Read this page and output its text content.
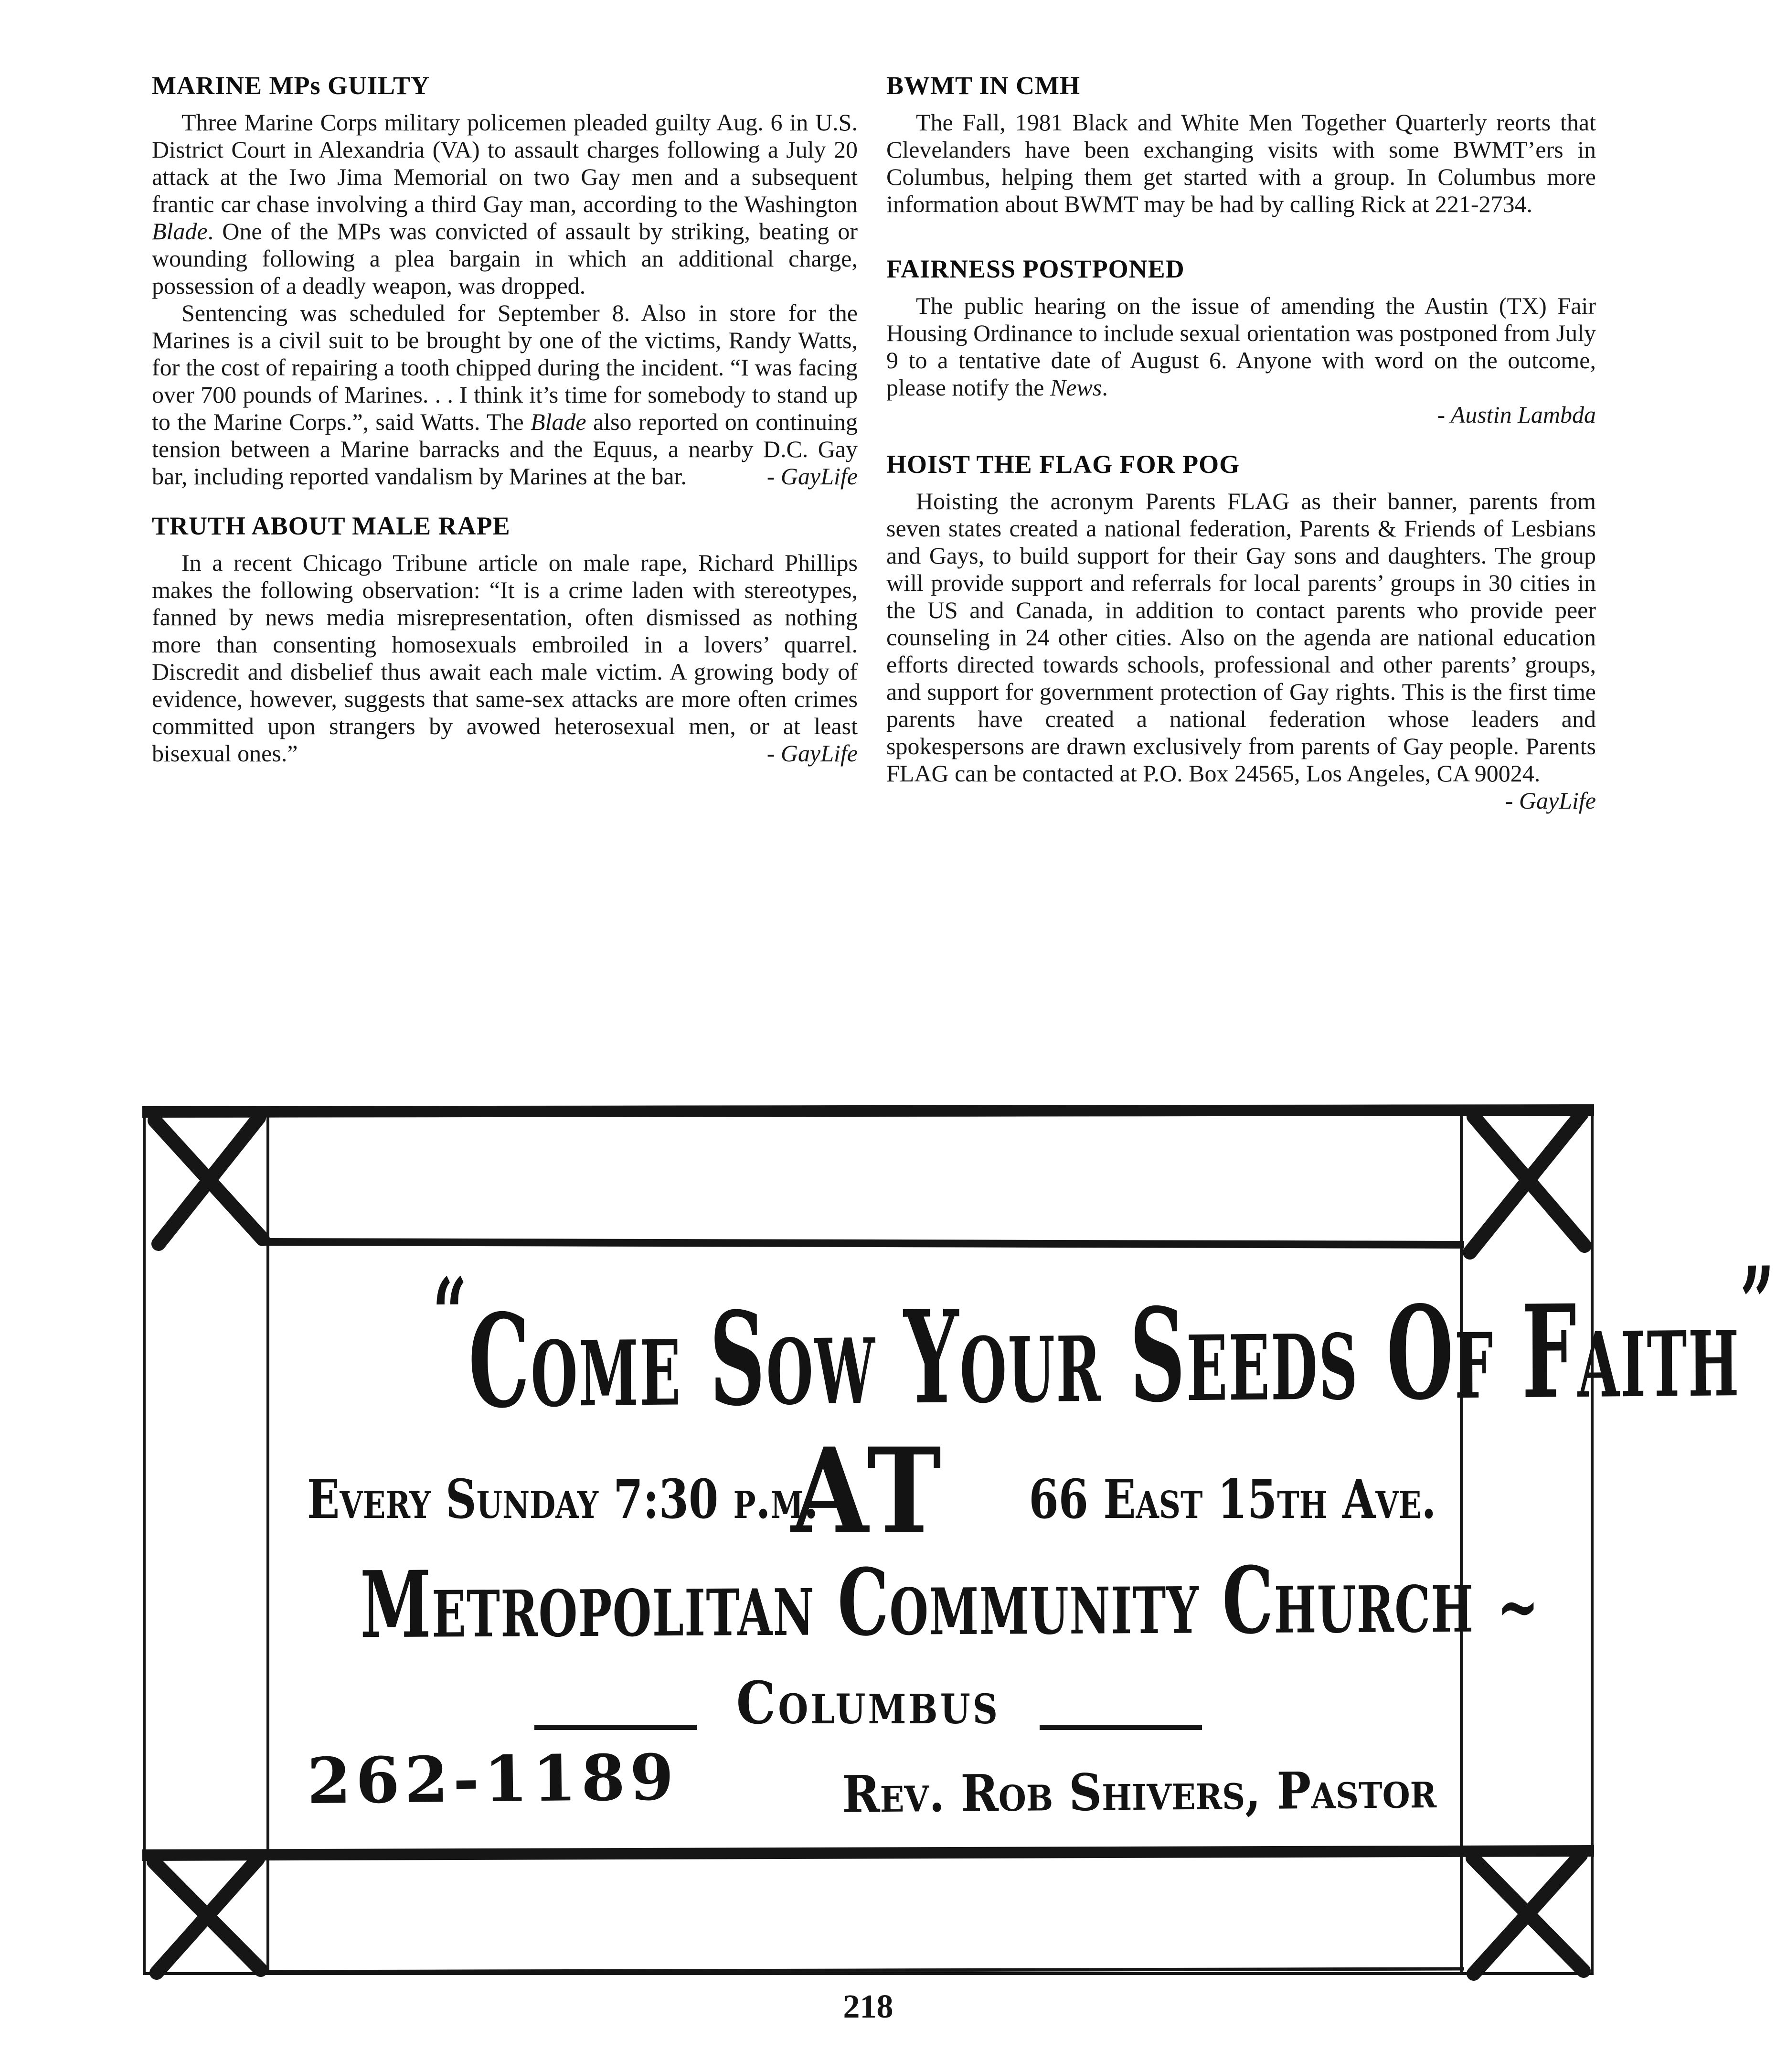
MARINE MPs GUILTY

Three Marine Corps military policemen pleaded guilty Aug. 6 in U.S. District Court in Alexandria (VA) to assault charges following a July 20 attack at the Iwo Jima Memorial on two Gay men and a subsequent frantic car chase involving a third Gay man, according to the Washington Blade. One of the MPs was convicted of assault by striking, beating or wounding following a plea bargain in which an additional charge, possession of a deadly weapon, was dropped.

Sentencing was scheduled for September 8. Also in store for the Marines is a civil suit to be brought by one of the victims, Randy Watts, for the cost of repairing a tooth chipped during the incident. “I was facing over 700 pounds of Marines. . . I think it’s time for somebody to stand up to the Marine Corps.”, said Watts. The Blade also reported on continuing tension between a Marine barracks and the Equus, a nearby D.C. Gay bar, including reported vandalism by Marines at the bar.	- GayLife

TRUTH ABOUT MALE RAPE

In a recent Chicago Tribune article on male rape, Richard Phillips makes the following observation: “It is a crime laden with stereotypes, fanned by news media misrepresentation, often dismissed as nothing more than consenting homosexuals embroiled in a lovers’ quarrel. Discredit and disbelief thus await each male victim. A growing body of evidence, however, suggests that same-sex attacks are more often crimes committed upon strangers by avowed heterosexual men, or at least bisexual ones.”	- GayLife

BWMT IN CMH

The Fall, 1981 Black and White Men Together Quarterly reorts that Clevelanders have been exchanging visits with some BWMT’ers in Columbus, helping them get started with a group. In Columbus more information about BWMT may be had by calling Rick at 221-2734.

FAIRNESS POSTPONED

The public hearing on the issue of amending the Austin (TX) Fair Housing Ordinance to include sexual orientation was postponed from July 9 to a tentative date of August 6. Anyone with word on the outcome, please notify the News.

- Austin Lambda

HOIST THE FLAG FOR POG

Hoisting the acronym Parents FLAG as their banner, parents from seven states created a national federation, Parents & Friends of Lesbians and Gays, to build support for their Gay sons and daughters. The group will provide support and referrals for local parents’ groups in 30 cities in the US and Canada, in addition to contact parents who provide peer counseling in 24 other cities. Also on the agenda are national education efforts directed towards schools, professional and other parents’ groups, and support for government protection of Gay rights. This is the first time parents have created a national federation whose leaders and spokespersons are drawn exclusively from parents of Gay people. Parents FLAG can be contacted at P.O. Box 24565, Los Angeles, CA 90024.

- GayLife

“Come Sow Your Seeds Of Faith”
Every Sunday 7:30 p.m.
AT 66 East 15th Ave.
Metropolitan Community Church ~
Columbus
262-1189	Rev. Rob Shivers, Pastor
218
